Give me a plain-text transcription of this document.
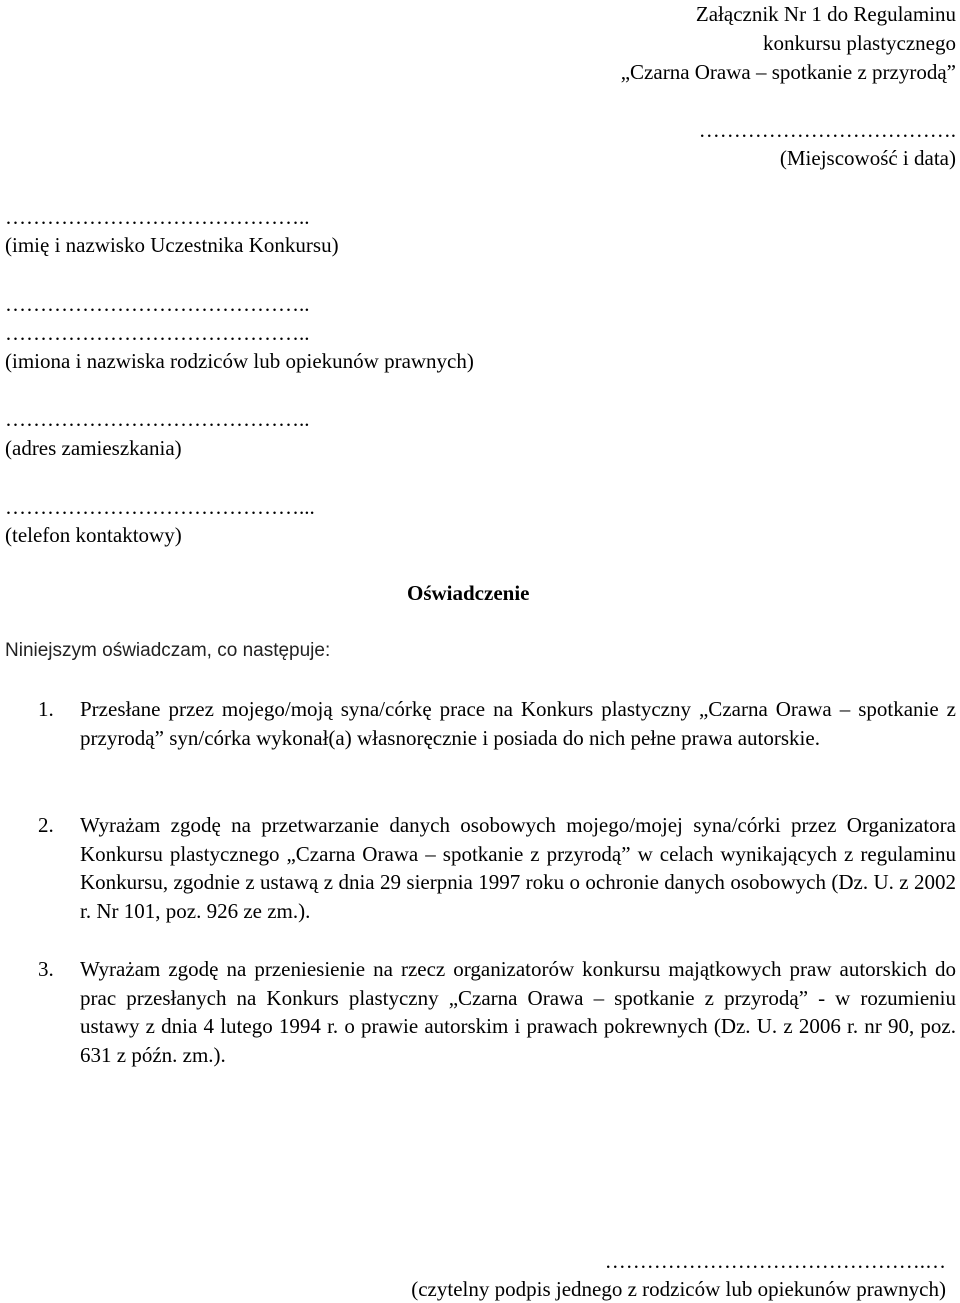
Załącznik Nr 1 do Regulaminu
konkursu plastycznego
„Czarna Orawa – spotkanie z przyrodą”
……………………………….
(Miejscowość i data)
……………………………………..
(imię i nazwisko Uczestnika Konkursu)
……………………………………..
……………………………………..
(imiona i nazwiska rodziców lub opiekunów prawnych)
……………………………………..
(adres zamieszkania)
……………………………………...
(telefon kontaktowy)
Oświadczenie
Niniejszym oświadczam, co następuje:
1. Przesłane przez mojego/moją syna/córkę prace na Konkurs plastyczny „Czarna Orawa – spotkanie z przyrodą” syn/córka wykonał(a) własnoręcznie i posiada do nich pełne prawa autorskie.
2. Wyrażam zgodę na przetwarzanie danych osobowych mojego/mojej syna/córki przez Organizatora Konkursu plastycznego „Czarna Orawa – spotkanie z przyrodą” w celach wynikających z regulaminu Konkursu, zgodnie z ustawą z dnia 29 sierpnia 1997 roku o ochronie danych osobowych (Dz. U. z 2002 r. Nr 101, poz. 926 ze zm.).
3. Wyrażam zgodę na przeniesienie na rzecz organizatorów konkursu majątkowych praw autorskich do prac przesłanych na Konkurs plastyczny „Czarna Orawa – spotkanie z przyrodą” - w rozumieniu ustawy z dnia 4 lutego 1994 r. o prawie autorskim i prawach pokrewnych (Dz. U. z 2006 r. nr 90, poz. 631 z późn. zm.).
……………………………………….…
(czytelny podpis jednego z rodziców lub opiekunów prawnych)
